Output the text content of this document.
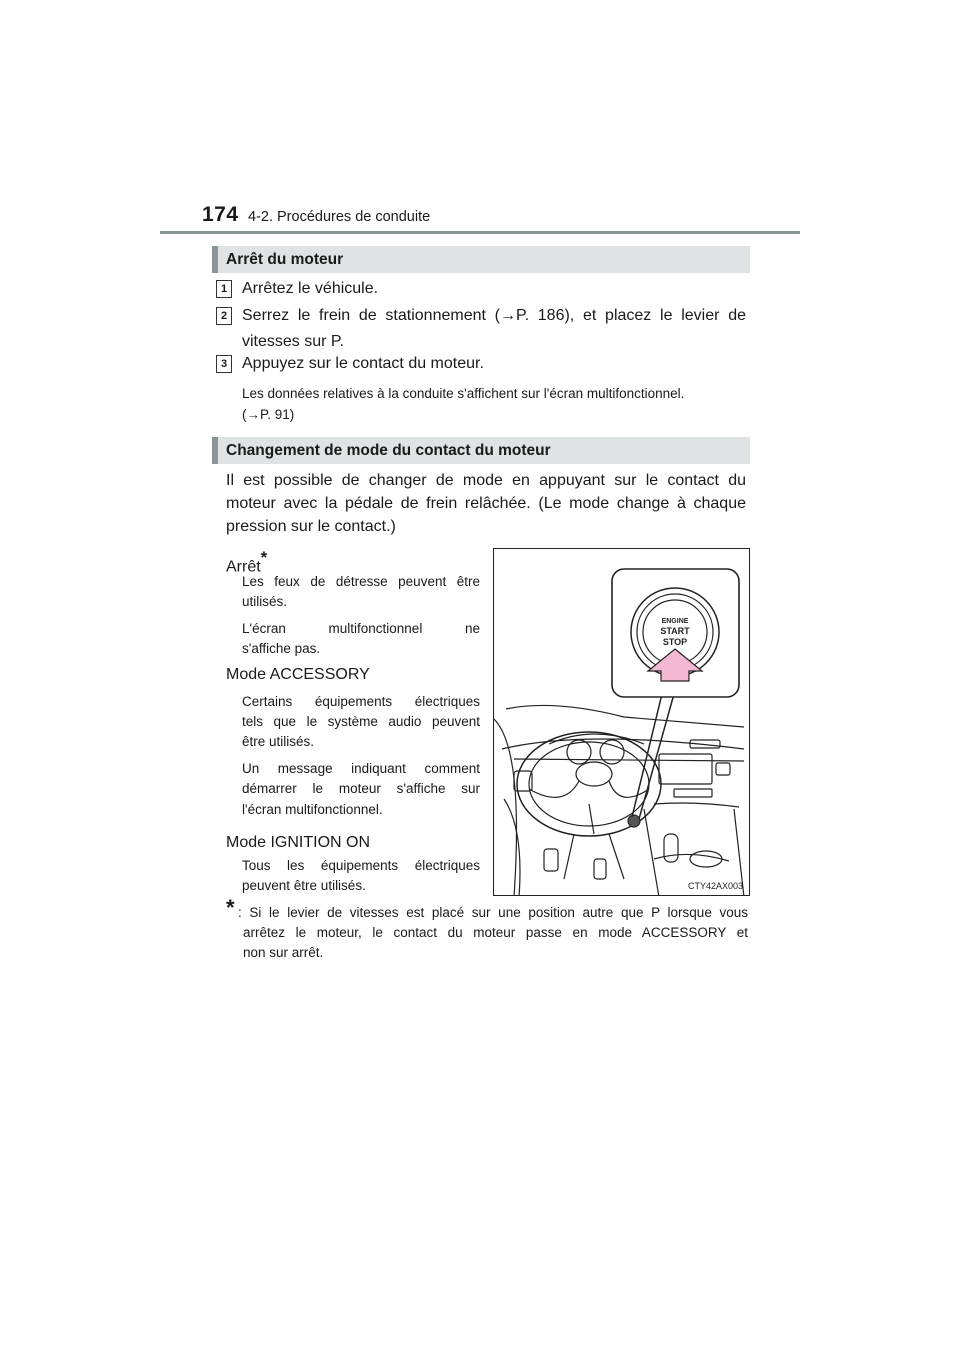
174 4-2. Procédures de conduite
Arrêt du moteur
1 Arrêtez le véhicule.
2 Serrez le frein de stationnement (→P. 186), et placez le levier de
vitesses sur P.
3 Appuyez sur le contact du moteur.
Les données relatives à la conduite s'affichent sur l'écran multifonctionnel.
(→P. 91)
Changement de mode du contact du moteur
Il est possible de changer de mode en appuyant sur le contact du
moteur avec la pédale de frein relâchée. (Le mode change à chaque
pression sur le contact.)
Arrêt*
Les feux de détresse peuvent être
utilisés.
L'écran multifonctionnel ne
s'affiche pas.
Mode ACCESSORY
Certains équipements électriques
tels que le système audio peuvent
être utilisés.
Un message indiquant comment
démarrer le moteur s'affiche sur
l'écran multifonctionnel.
Mode IGNITION ON
Tous les équipements électriques
peuvent être utilisés.
* : Si le levier de vitesses est placé sur une position autre que P lorsque vous
arrêtez le moteur, le contact du moteur passe en mode ACCESSORY et
non sur arrêt.
ENGINE
START
STOP
CTY42AX003
